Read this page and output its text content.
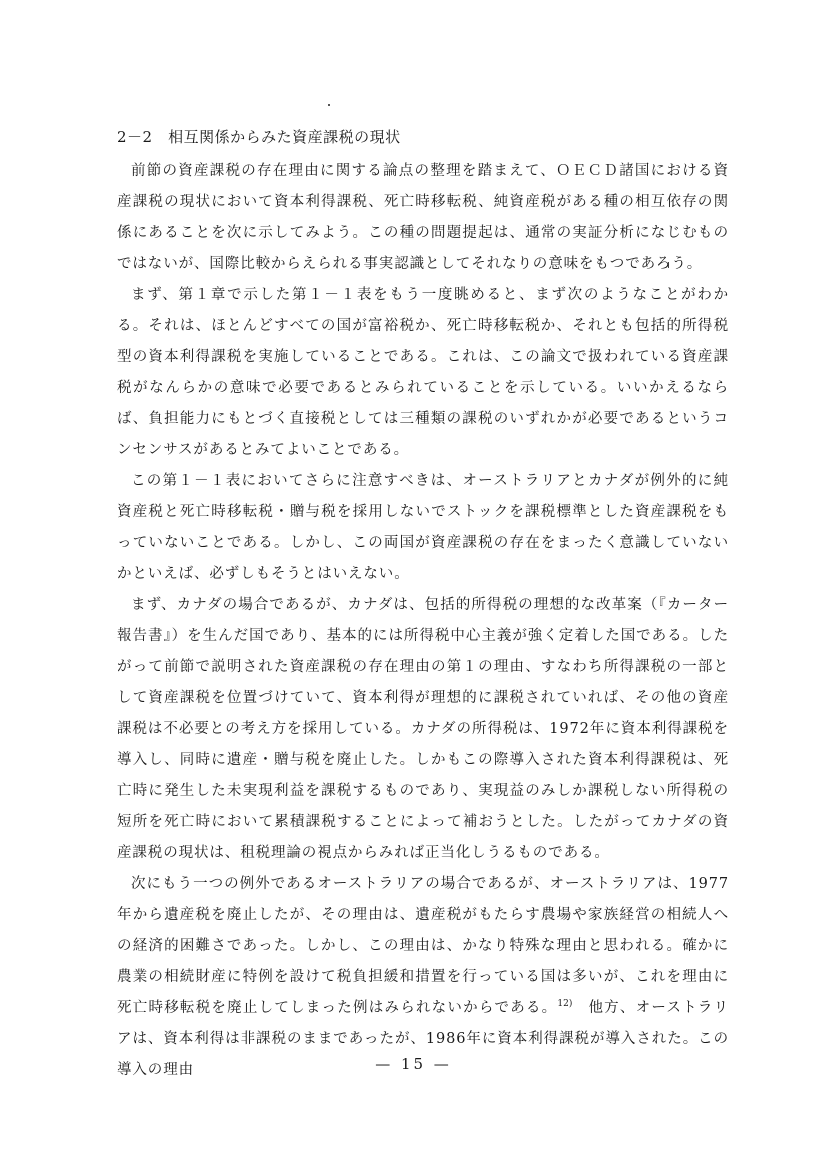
2－2　相互関係からみた資産課税の現状

前節の資産課税の存在理由に関する論点の整理を踏まえて、ＯＥＣＤ諸国における資産課税の現状において資本利得課税、死亡時移転税、純資産税がある種の相互依存の関係にあることを次に示してみよう。この種の問題提起は、通常の実証分析になじむものではないが、国際比較からえられる事実認識としてそれなりの意味をもつであろう。

まず、第１章で示した第１－１表をもう一度眺めると、まず次のようなことがわかる。それは、ほとんどすべての国が富裕税か、死亡時移転税か、それとも包括的所得税型の資本利得課税を実施していることである。これは、この論文で扱われている資産課税がなんらかの意味で必要であるとみられていることを示している。いいかえるならば、負担能力にもとづく直接税としては三種類の課税のいずれかが必要であるというコンセンサスがあるとみてよいことである。

この第１－１表においてさらに注意すべきは、オーストラリアとカナダが例外的に純資産税と死亡時移転税・贈与税を採用しないでストックを課税標準とした資産課税をもっていないことである。しかし、この両国が資産課税の存在をまったく意識していないかといえば、必ずしもそうとはいえない。

まず、カナダの場合であるが、カナダは、包括的所得税の理想的な改革案（『カーター報告書』）を生んだ国であり、基本的には所得税中心主義が強く定着した国である。したがって前節で説明された資産課税の存在理由の第１の理由、すなわち所得課税の一部として資産課税を位置づけていて、資本利得が理想的に課税されていれば、その他の資産課税は不必要との考え方を採用している。カナダの所得税は、1972年に資本利得課税を導入し、同時に遺産・贈与税を廃止した。しかもこの際導入された資本利得課税は、死亡時に発生した未実現利益を課税するものであり、実現益のみしか課税しない所得税の短所を死亡時において累積課税することによって補おうとした。したがってカナダの資産課税の現状は、租税理論の視点からみれば正当化しうるものである。

次にもう一つの例外であるオーストラリアの場合であるが、オーストラリアは、1977年から遺産税を廃止したが、その理由は、遺産税がもたらす農場や家族経営の相続人への経済的困難さであった。しかし、この理由は、かなり特殊な理由と思われる。確かに農業の相続財産に特例を設けて税負担緩和措置を行っている国は多いが、これを理由に死亡時移転税を廃止してしまった例はみられないからである。$^{12)}$　他方、オーストラリアは、資本利得は非課税のままであったが、1986年に資本利得課税が導入された。この導入の理由	— 15 —
